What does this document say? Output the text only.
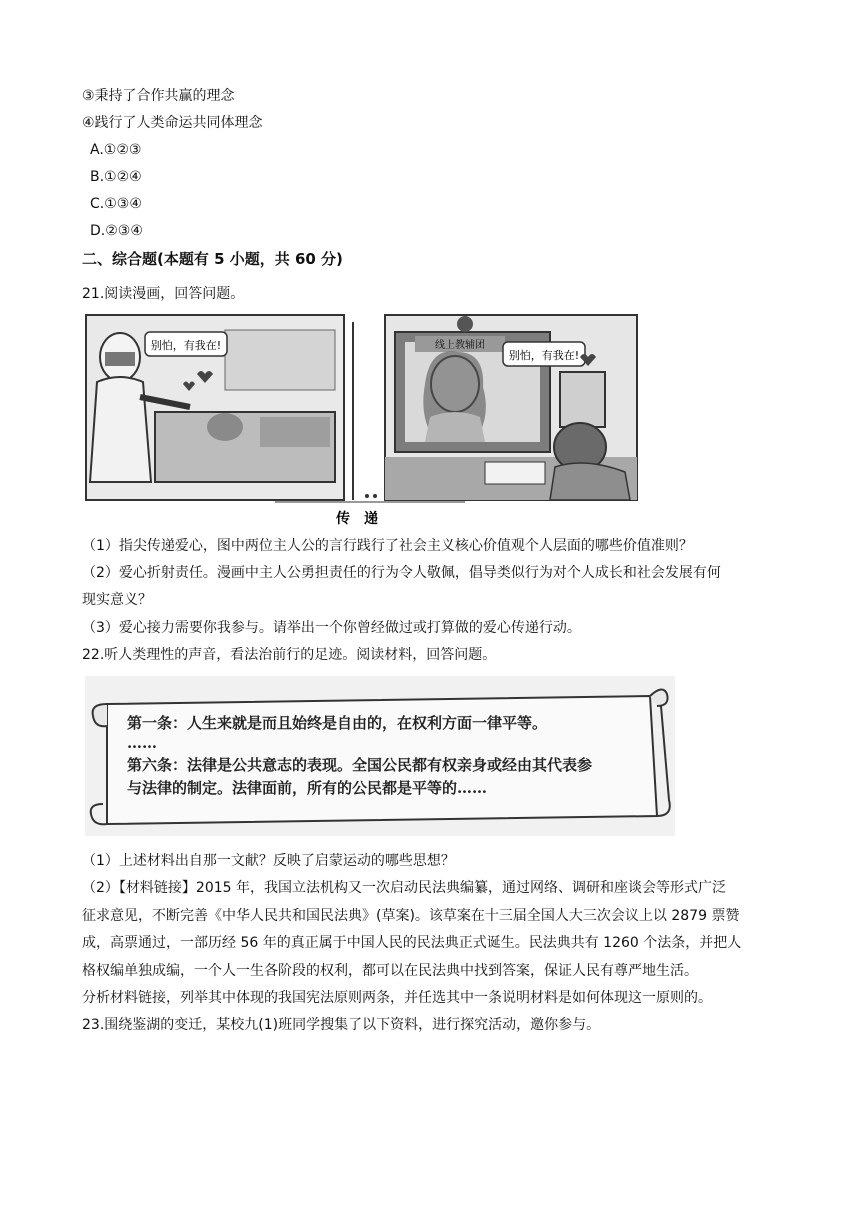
③秉持了合作共赢的理念
④践行了人类命运共同体理念
A.①②③
B.①②④
C.①③④
D.②③④
二、综合题(本题有 5 小题，共 60 分)
21.阅读漫画，回答问题。
别怕，有我在!	线上教辅团
别怕，有我在!
传　递
（1）指尖传递爱心，图中两位主人公的言行践行了社会主义核心价值观个人层面的哪些价值准则？
（2）爱心折射责任。漫画中主人公勇担责任的行为令人敬佩，倡导类似行为对个人成长和社会发展有何
现实意义？
（3）爱心接力需要你我参与。请举出一个你曾经做过或打算做的爱心传递行动。
22.听人类理性的声音，看法治前行的足迹。阅读材料，回答问题。
第一条：人生来就是而且始终是自由的，在权利方面一律平等。
……
第六条：法律是公共意志的表现。全国公民都有权亲身或经由其代表参
与法律的制定。法律面前，所有的公民都是平等的……
（1）上述材料出自那一文献？反映了启蒙运动的哪些思想？
（2）【材料链接】2015 年，我国立法机构又一次启动民法典编纂，通过网络、调研和座谈会等形式广泛
征求意见，不断完善《中华人民共和国民法典》(草案)。该草案在十三届全国人大三次会议上以 2879 票赞
成，高票通过，一部历经 56 年的真正属于中国人民的民法典正式诞生。民法典共有 1260 个法条，并把人
格权编单独成编，一个人一生各阶段的权利，都可以在民法典中找到答案，保证人民有尊严地生活。
分析材料链接，列举其中体现的我国宪法原则两条，并任选其中一条说明材料是如何体现这一原则的。
23.围绕鉴湖的变迁，某校九(1)班同学搜集了以下资料，进行探究活动，邀你参与。
